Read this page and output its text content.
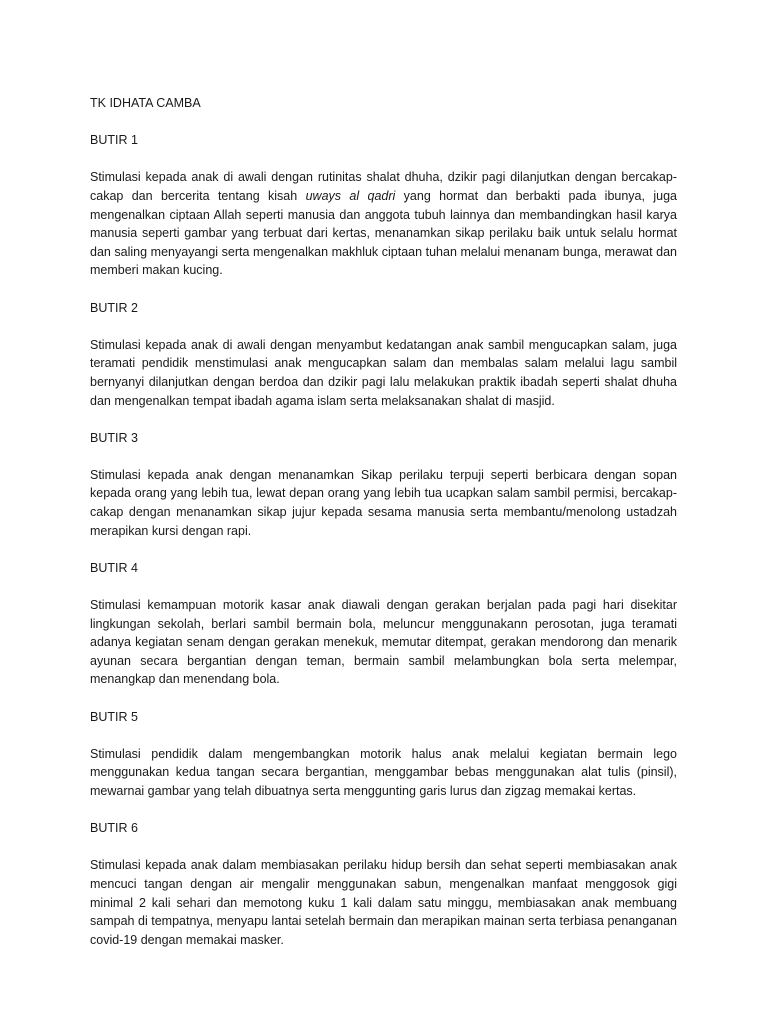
TK IDHATA CAMBA

BUTIR 1

Stimulasi kepada anak di awali dengan rutinitas shalat dhuha, dzikir pagi dilanjutkan dengan bercakap-cakap dan bercerita tentang kisah uways al qadri yang hormat dan berbakti pada ibunya, juga mengenalkan ciptaan Allah seperti manusia dan anggota tubuh lainnya dan membandingkan hasil karya manusia seperti gambar yang terbuat dari kertas, menanamkan sikap perilaku baik untuk selalu hormat dan saling menyayangi serta mengenalkan makhluk ciptaan tuhan melalui menanam bunga, merawat dan memberi makan kucing.

BUTIR 2

Stimulasi kepada anak di awali dengan menyambut kedatangan anak sambil mengucapkan salam, juga teramati pendidik menstimulasi anak mengucapkan salam dan membalas salam melalui lagu sambil bernyanyi dilanjutkan dengan berdoa dan dzikir pagi lalu melakukan praktik ibadah seperti shalat dhuha dan mengenalkan tempat ibadah agama islam serta melaksanakan shalat di masjid.

BUTIR 3

Stimulasi kepada anak dengan menanamkan Sikap perilaku terpuji seperti berbicara dengan sopan kepada orang yang lebih tua, lewat depan orang yang lebih tua ucapkan salam sambil permisi, bercakap-cakap dengan menanamkan sikap jujur kepada sesama manusia serta membantu/menolong ustadzah merapikan kursi dengan rapi.

BUTIR 4

Stimulasi kemampuan motorik kasar anak diawali dengan gerakan berjalan pada pagi hari disekitar lingkungan sekolah, berlari sambil bermain bola, meluncur menggunakann perosotan, juga teramati adanya kegiatan senam dengan gerakan menekuk, memutar ditempat, gerakan mendorong dan menarik ayunan secara bergantian dengan teman, bermain sambil melambungkan bola serta melempar, menangkap dan menendang bola.

BUTIR 5

Stimulasi pendidik dalam mengembangkan motorik halus anak melalui kegiatan bermain lego menggunakan kedua tangan secara bergantian, menggambar bebas menggunakan alat tulis (pinsil), mewarnai gambar yang telah dibuatnya serta menggunting garis lurus dan zigzag memakai kertas.

BUTIR 6

Stimulasi kepada anak dalam membiasakan perilaku hidup bersih dan sehat seperti membiasakan anak mencuci tangan dengan air mengalir menggunakan sabun, mengenalkan manfaat menggosok gigi minimal 2 kali sehari dan memotong kuku 1 kali dalam satu minggu, membiasakan anak membuang sampah di tempatnya, menyapu lantai setelah bermain dan merapikan mainan serta terbiasa penanganan covid-19 dengan memakai masker.
